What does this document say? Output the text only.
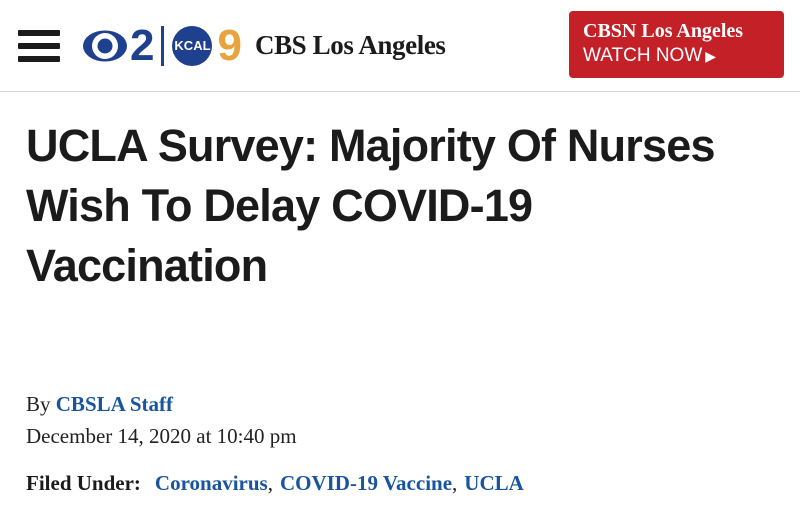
2 KCAL 9 CBS Los Angeles	CBSN Los Angeles
WATCH NOW ▶
UCLA Survey: Majority Of Nurses Wish To Delay COVID-19 Vaccination
By CBSLA Staff
December 14, 2020 at 10:40 pm
Filed Under: Coronavirus , COVID-19 Vaccine , UCLA
